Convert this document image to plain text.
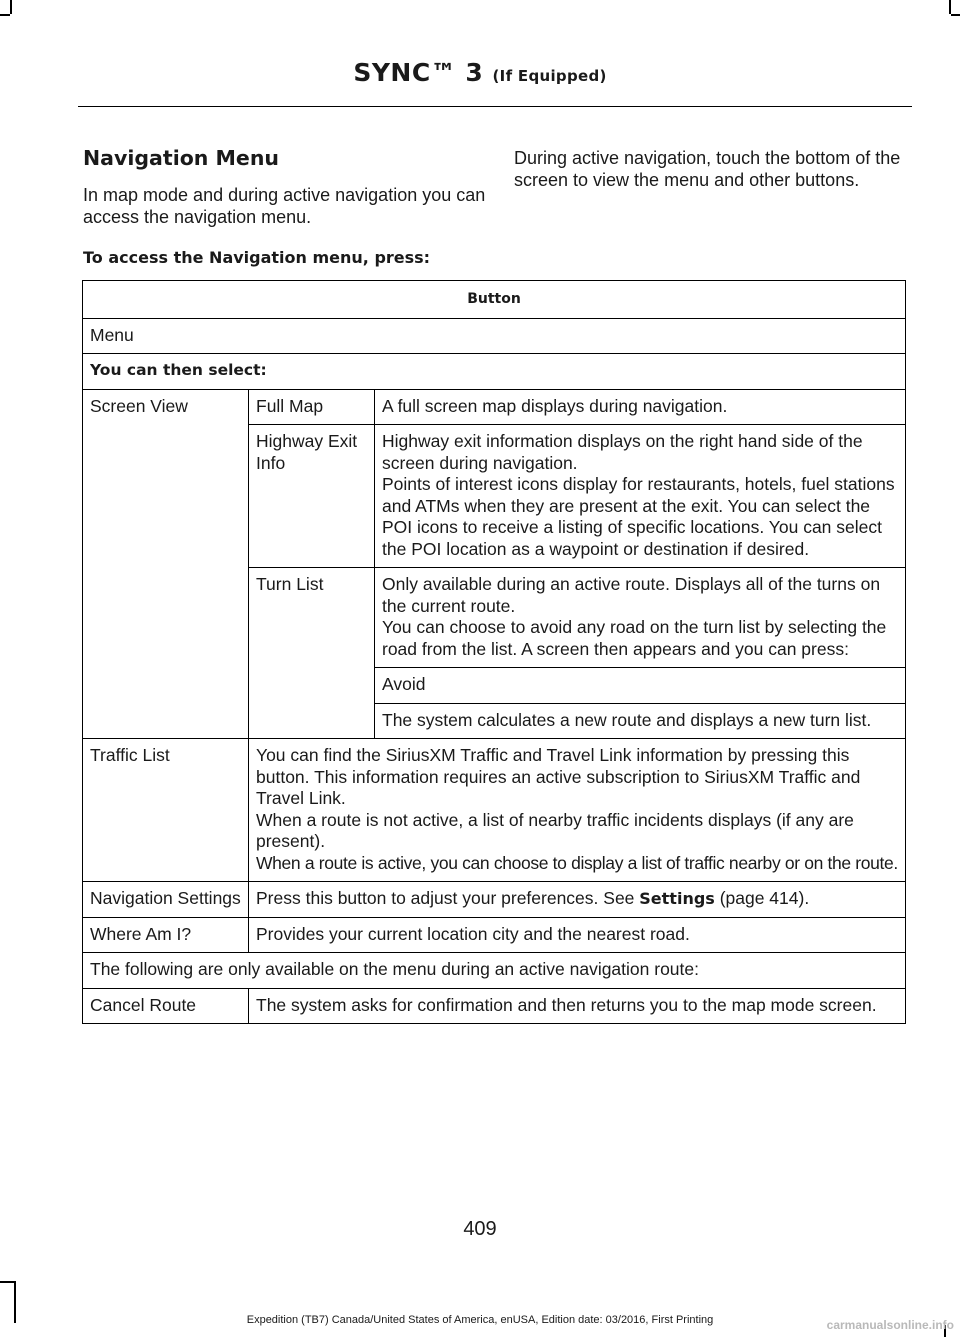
SYNC™ 3 (If Equipped)
Navigation Menu

In map mode and during active navigation you can access the navigation menu.

During active navigation, touch the bottom of the screen to view the menu and other buttons.

To access the Navigation menu, press:
Button		
Menu		
You can then select:		
Screen View	Full Map	A full screen map displays during navigation.
	Highway Exit Info	Highway exit information displays on the right hand side of the screen during navigation.
Points of interest icons display for restaurants, hotels, fuel stations and ATMs when they are present at the exit. You can select the POI icons to receive a listing of specific locations. You can select the POI location as a waypoint or destination if desired.

	Turn List	Only available during an active route. Displays all of the turns on the current route.
You can choose to avoid any road on the turn list by selecting the road from the list. A screen then appears and you can press:

		Avoid
		The system calculates a new route and displays a new turn list.
Traffic List	You can find the SiriusXM Traffic and Travel Link information by pressing this button. This information requires an active subscription to SiriusXM Traffic and Travel Link.
When a route is not active, a list of nearby traffic incidents displays (if any are present).
When a route is active, you can choose to display a list of traffic nearby or on the route.	

Navigation Settings	Press this button to adjust your preferences. See Settings (page 414).	
Where Am I?	Provides your current location city and the nearest road.	
The following are only available on the menu during an active navigation route:		
Cancel Route	The system asks for confirmation and then returns you to the map mode screen.	
409
Expedition (TB7) Canada/United States of America, enUSA, Edition date: 03/2016, First Printing	carmanualsonline.info
